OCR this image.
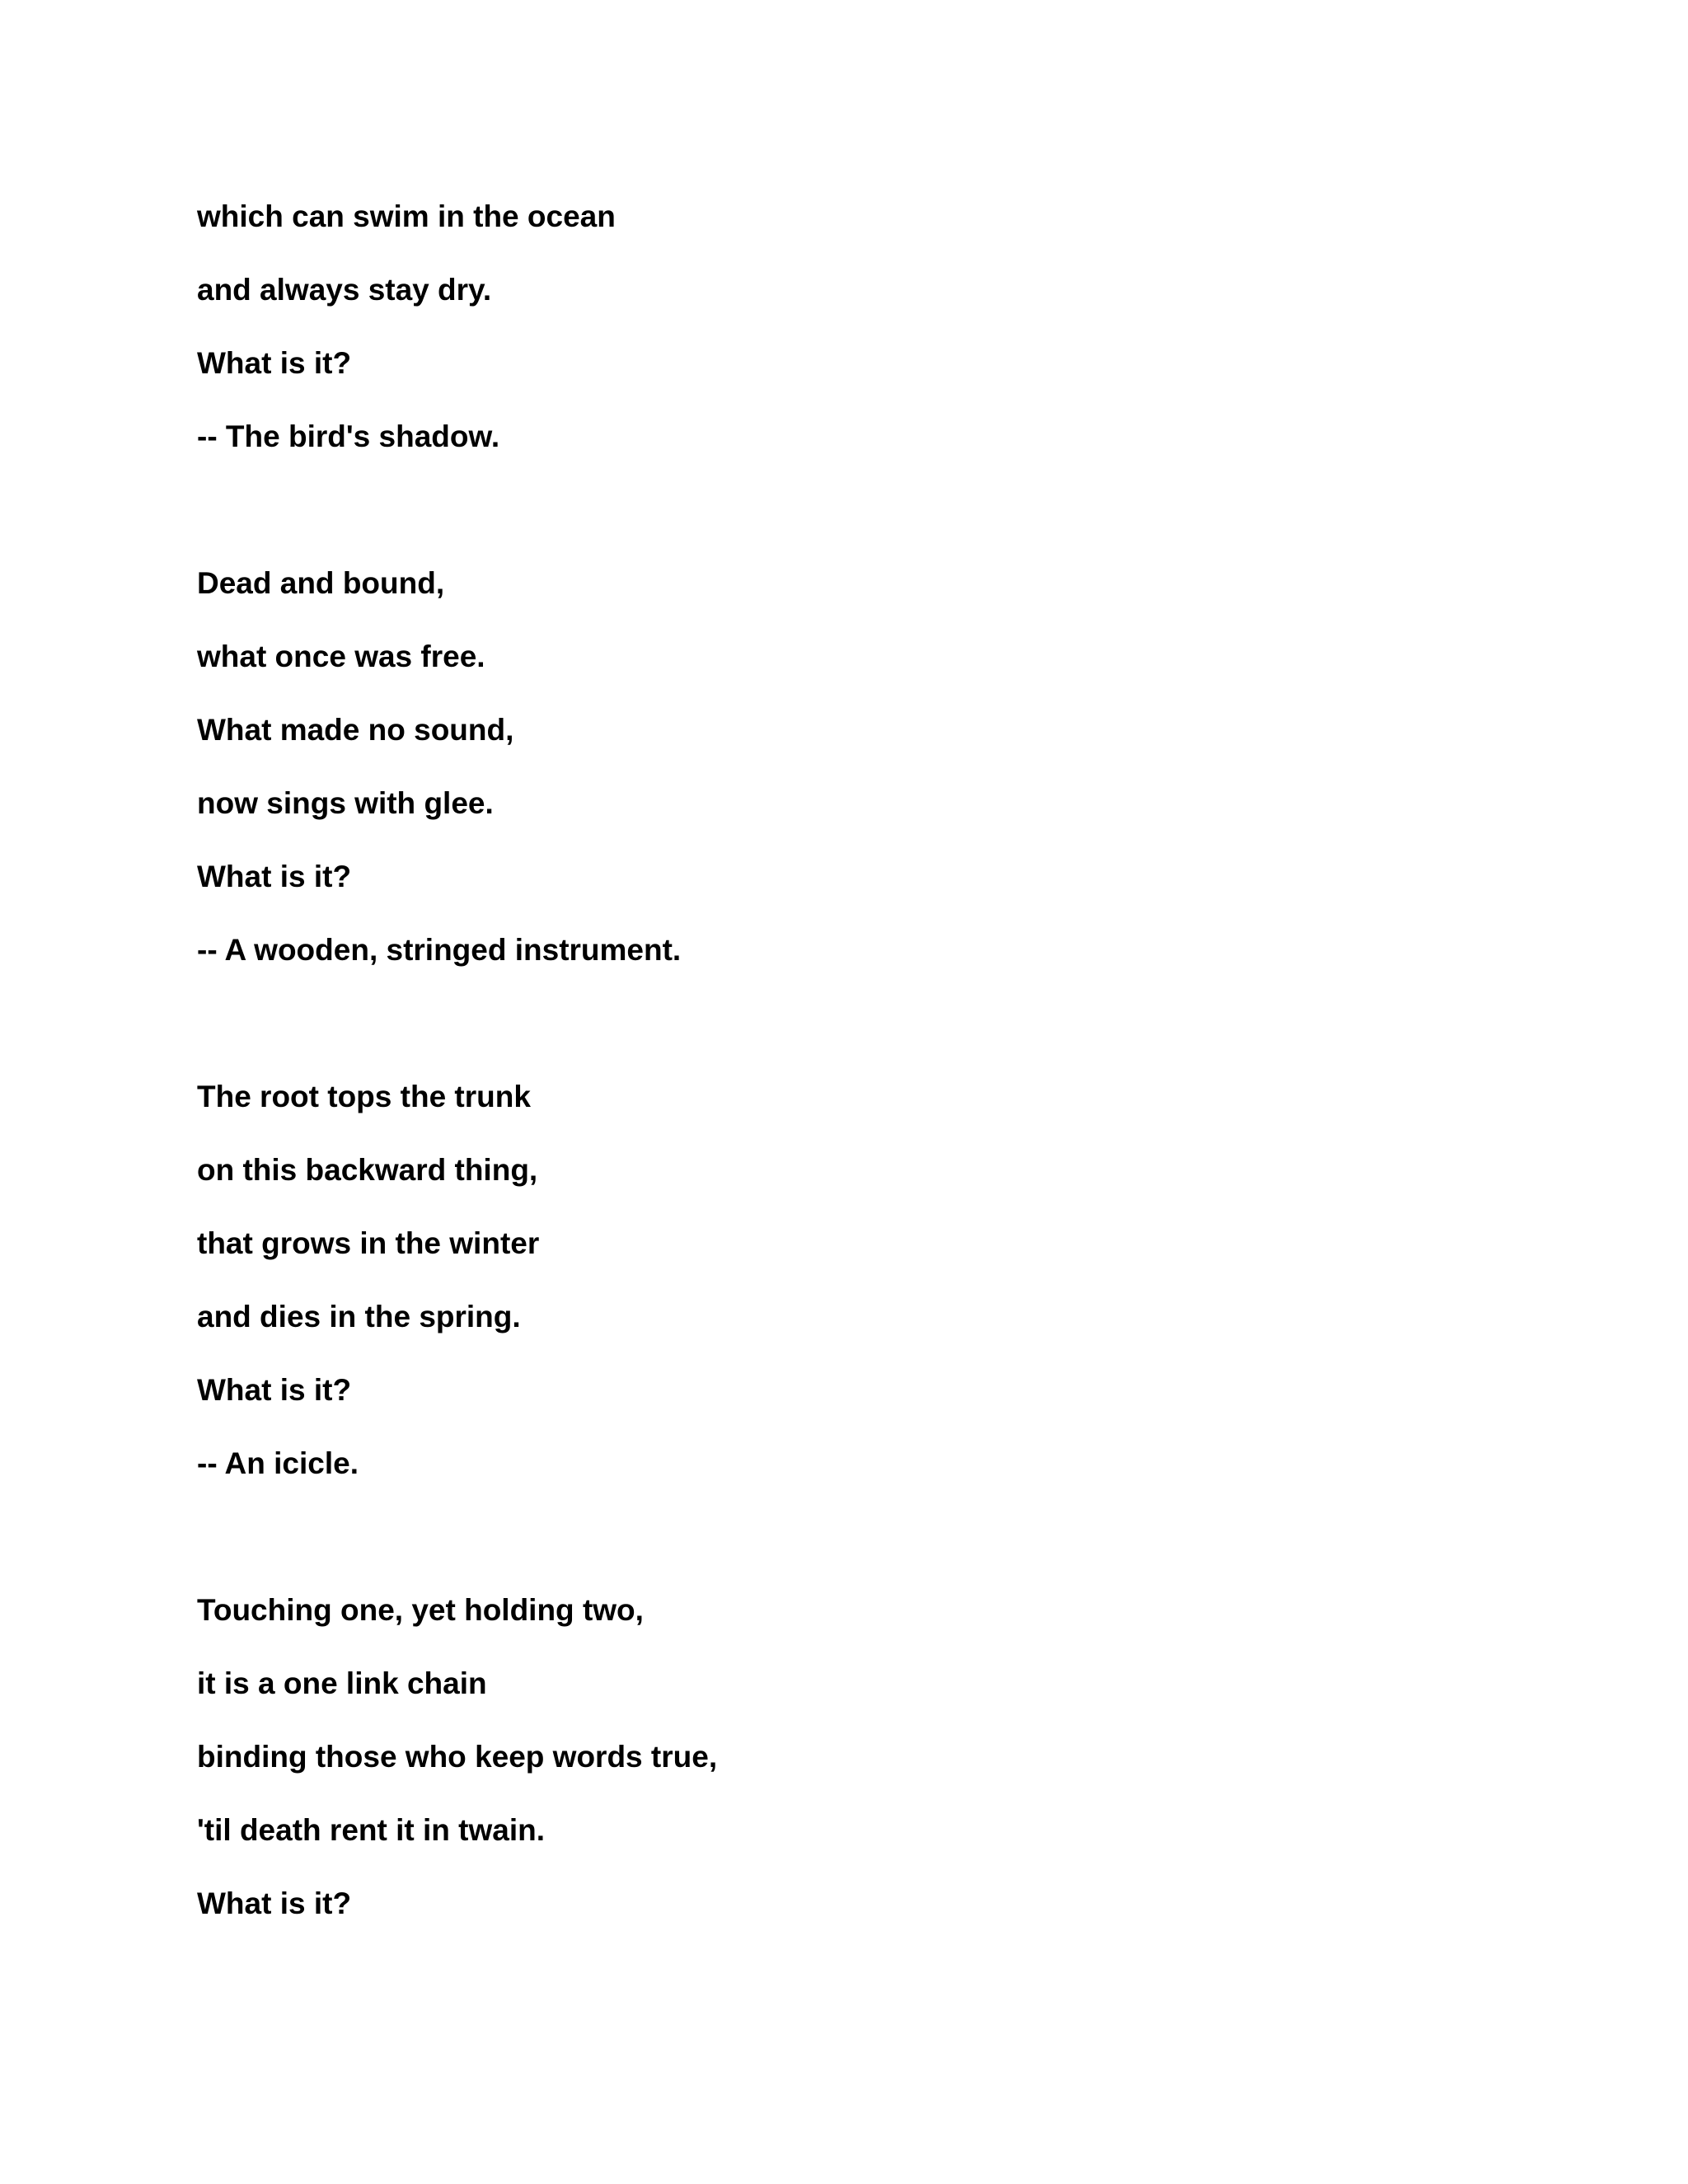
which can swim in the ocean

and always stay dry.

What is it?

-- The bird's shadow.

Dead and bound,

what once was free.

What made no sound,

now sings with glee.

What is it?

-- A wooden, stringed instrument.

The root tops the trunk

on this backward thing,

that grows in the winter

and dies in the spring.

What is it?

-- An icicle.

Touching one, yet holding two,

it is a one link chain

binding those who keep words true,

'til death rent it in twain.

What is it?
